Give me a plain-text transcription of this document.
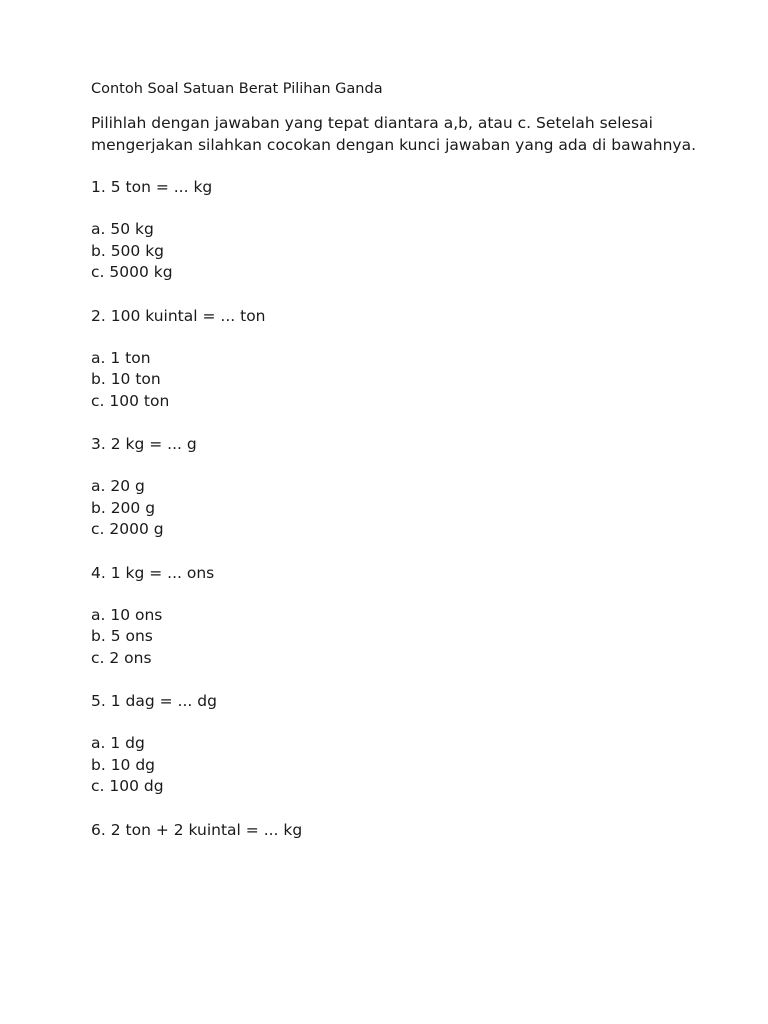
Contoh Soal Satuan Berat Pilihan Ganda

Pilihlah dengan jawaban yang tepat diantara a,b, atau c. Setelah selesai mengerjakan silahkan cocokan dengan kunci jawaban yang ada di bawahnya.

1. 5 ton = ... kg

a. 50 kg
b. 500 kg
c. 5000 kg

2. 100 kuintal = ... ton

a. 1 ton
b. 10 ton
c. 100 ton

3. 2 kg = ... g

a. 20 g
b. 200 g
c. 2000 g

4. 1 kg = ... ons

a. 10 ons
b. 5 ons
c. 2 ons

5. 1 dag = ... dg

a. 1 dg
b. 10 dg
c. 100 dg

6. 2 ton + 2 kuintal = ... kg
